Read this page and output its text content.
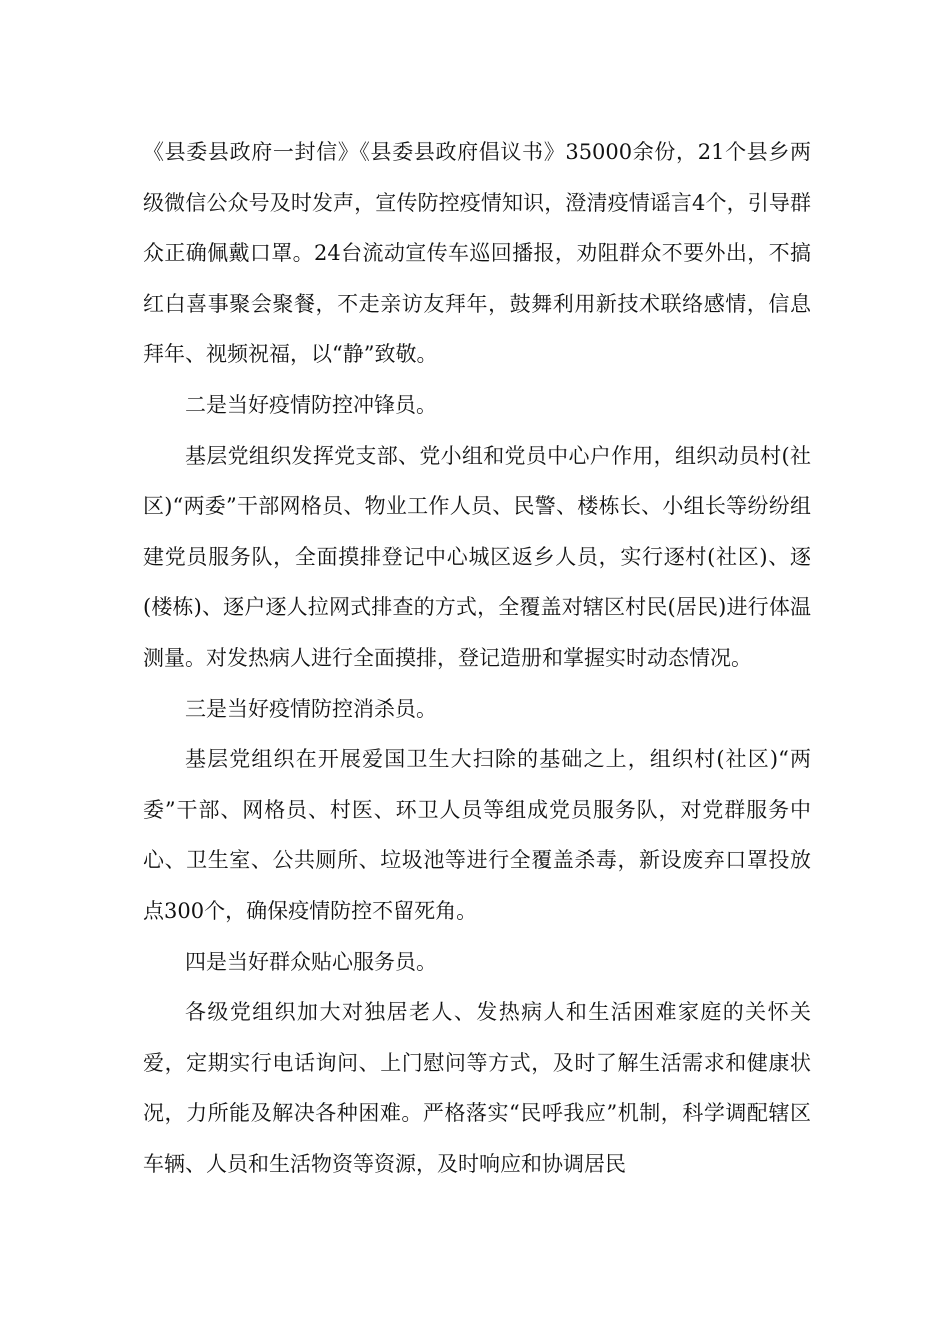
《县委县政府一封信》《县委县政府倡议书》35000余份，21个县乡两级微信公众号及时发声，宣传防控疫情知识，澄清疫情谣言4个，引导群众正确佩戴口罩。24台流动宣传车巡回播报，劝阻群众不要外出，不搞红白喜事聚会聚餐，不走亲访友拜年，鼓舞利用新技术联络感情，信息拜年、视频祝福，以“静”致敬。

二是当好疫情防控冲锋员。

基层党组织发挥党支部、党小组和党员中心户作用，组织动员村(社区)“两委”干部网格员、物业工作人员、民警、楼栋长、小组长等纷纷组建党员服务队，全面摸排登记中心城区返乡人员，实行逐村(社区)、逐(楼栋)、逐户逐人拉网式排查的方式，全覆盖对辖区村民(居民)进行体温测量。对发热病人进行全面摸排，登记造册和掌握实时动态情况。

三是当好疫情防控消杀员。

基层党组织在开展爱国卫生大扫除的基础之上，组织村(社区)“两委”干部、网格员、村医、环卫人员等组成党员服务队，对党群服务中心、卫生室、公共厕所、垃圾池等进行全覆盖杀毒，新设废弃口罩投放点300个，确保疫情防控不留死角。

四是当好群众贴心服务员。

各级党组织加大对独居老人、发热病人和生活困难家庭的关怀关爱，定期实行电话询问、上门慰问等方式，及时了解生活需求和健康状况，力所能及解决各种困难。严格落实“民呼我应”机制，科学调配辖区车辆、人员和生活物资等资源，及时响应和协调居民
